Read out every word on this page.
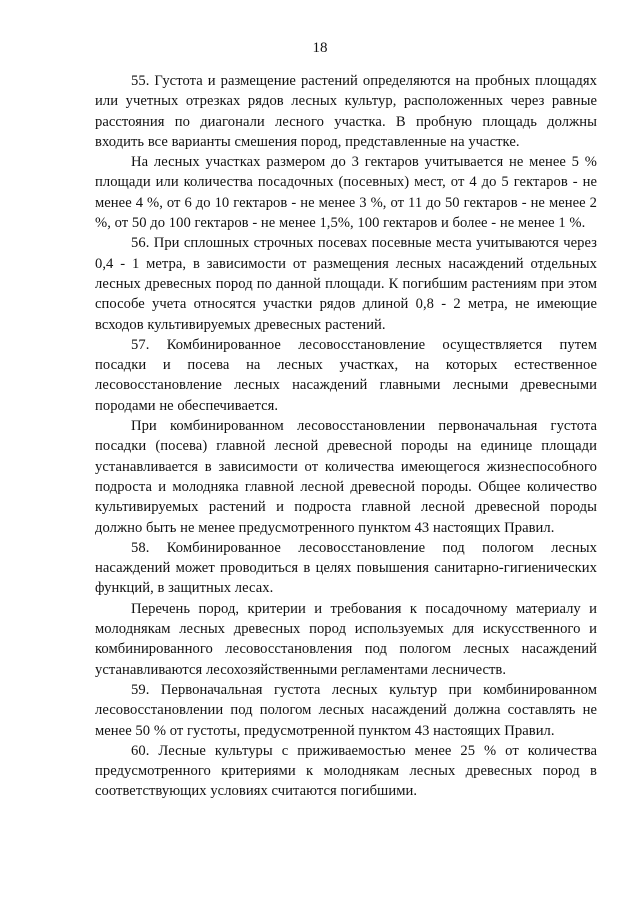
18

55. Густота и размещение растений определяются на пробных площадях или учетных отрезках рядов лесных культур, расположенных через равные расстояния по диагонали лесного участка. В пробную площадь должны входить все варианты смешения пород, представленные на участке.

На лесных участках размером до 3 гектаров учитывается не менее 5 % площади или количества посадочных (посевных) мест, от 4 до 5 гектаров - не менее 4 %, от 6 до 10 гектаров - не менее 3 %, от 11 до 50 гектаров - не менее 2 %, от 50 до 100 гектаров - не менее 1,5%, 100 гектаров и более - не менее 1 %.

56. При сплошных строчных посевах посевные места учитываются через 0,4 - 1 метра, в зависимости от размещения лесных насаждений отдельных лесных древесных пород по данной площади. К погибшим растениям при этом способе учета относятся участки рядов длиной 0,8 - 2 метра, не имеющие всходов культивируемых древесных растений.

57. Комбинированное лесовосстановление осуществляется путем посадки и посева на лесных участках, на которых естественное лесовосстановление лесных насаждений главными лесными древесными породами не обеспечивается.

При комбинированном лесовосстановлении первоначальная густота посадки (посева) главной лесной древесной породы на единице площади устанавливается в зависимости от количества имеющегося жизнеспособного подроста и молодняка главной лесной древесной породы. Общее количество культивируемых растений и подроста главной лесной древесной породы должно быть не менее предусмотренного пунктом 43 настоящих Правил.

58. Комбинированное лесовосстановление под пологом лесных насаждений может проводиться в целях повышения санитарно-гигиенических функций, в защитных лесах.

Перечень пород, критерии и требования к посадочному материалу и молоднякам лесных древесных пород используемых для искусственного и комбинированного лесовосстановления под пологом лесных насаждений устанавливаются лесохозяйственными регламентами лесничеств.

59. Первоначальная густота лесных культур при комбинированном лесовосстановлении под пологом лесных насаждений должна составлять не менее 50 % от густоты, предусмотренной пунктом 43 настоящих Правил.

60. Лесные культуры с приживаемостью менее 25 % от количества предусмотренного критериями к молоднякам лесных древесных пород в соответствующих условиях считаются погибшими.
